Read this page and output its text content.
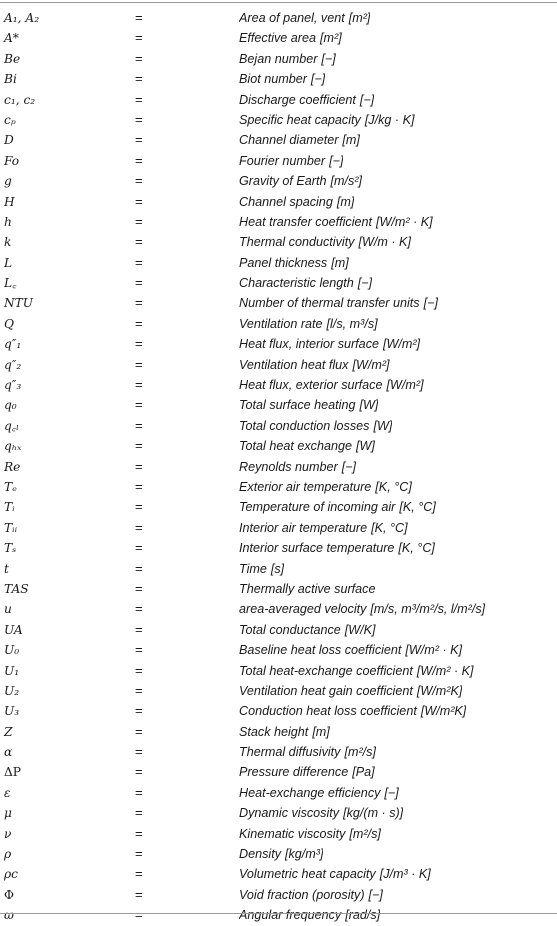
A₁, A₂	=	Area of panel, vent [m²]
A*	=	Effective area [m²]
Be	=	Bejan number [−]
Bi	=	Biot number [−]
c₁, c₂	=	Discharge coefficient [−]
cₚ	=	Specific heat capacity [J/kg · K]
D	=	Channel diameter [m]
Fo	=	Fourier number [−]
g	=	Gravity of Earth [m/s²]
H	=	Channel spacing [m]
h	=	Heat transfer coefficient [W/m² · K]
k	=	Thermal conductivity [W/m · K]
L	=	Panel thickness [m]
L꜀	=	Characteristic length [−]
NTU	=	Number of thermal transfer units [−]
Q	=	Ventilation rate [l/s, m³/s]
q″₁	=	Heat flux, interior surface [W/m²]
q″₂	=	Ventilation heat flux [W/m²]
q″₃	=	Heat flux, exterior surface [W/m²]
q₀	=	Total surface heating [W]
q꜀ₗ	=	Total conduction losses [W]
qₕₓ	=	Total heat exchange [W]
Re	=	Reynolds number [−]
Tₑ	=	Exterior air temperature [K, °C]
Tᵢ	=	Temperature of incoming air [K, °C]
Tᵢᵢ	=	Interior air temperature [K, °C]
Tₛ	=	Interior surface temperature [K, °C]
t	=	Time [s]
TAS	=	Thermally active surface
u	=	area-averaged velocity [m/s, m³/m²/s, l/m²/s]
UA	=	Total conductance [W/K]
U₀	=	Baseline heat loss coefficient [W/m² · K]
U₁	=	Total heat-exchange coefficient [W/m² · K]
U₂	=	Ventilation heat gain coefficient [W/m²K]
U₃	=	Conduction heat loss coefficient [W/m²K]
Z	=	Stack height [m]
α	=	Thermal diffusivity [m²/s]
ΔP	=	Pressure difference [Pa]
ε	=	Heat-exchange efficiency [−]
μ	=	Dynamic viscosity [kg/(m · s)]
ν	=	Kinematic viscosity [m²/s]
ρ	=	Density [kg/m³]
ρc	=	Volumetric heat capacity [J/m³ · K]
Φ	=	Void fraction (porosity) [−]
ω	=	Angular frequency [rad/s]
